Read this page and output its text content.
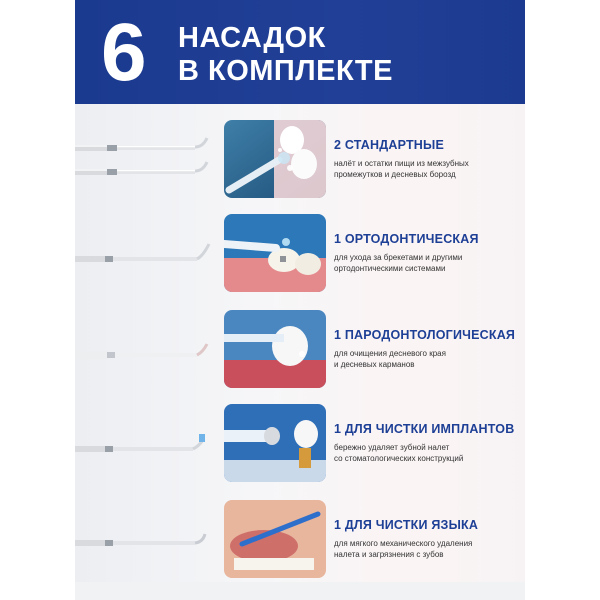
6 НАСАДОК
В КОМПЛЕКТЕ
2 СТАНДАРТНЫЕ
налёт и остатки пищи из межзубных
промежутков и десневых борозд
1 ОРТОДОНТИЧЕСКАЯ
для ухода за брекетами и другими
ортодонтическими системами
1 ПАРОДОНТОЛОГИЧЕСКАЯ
для очищения десневого края
и десневых карманов
1 ДЛЯ ЧИСТКИ ИМПЛАНТОВ
бережно удаляет зубной налет
со стоматологических конструкций
1 ДЛЯ ЧИСТКИ ЯЗЫКА
для мягкого механического удаления
налета и загрязнения с зубов
